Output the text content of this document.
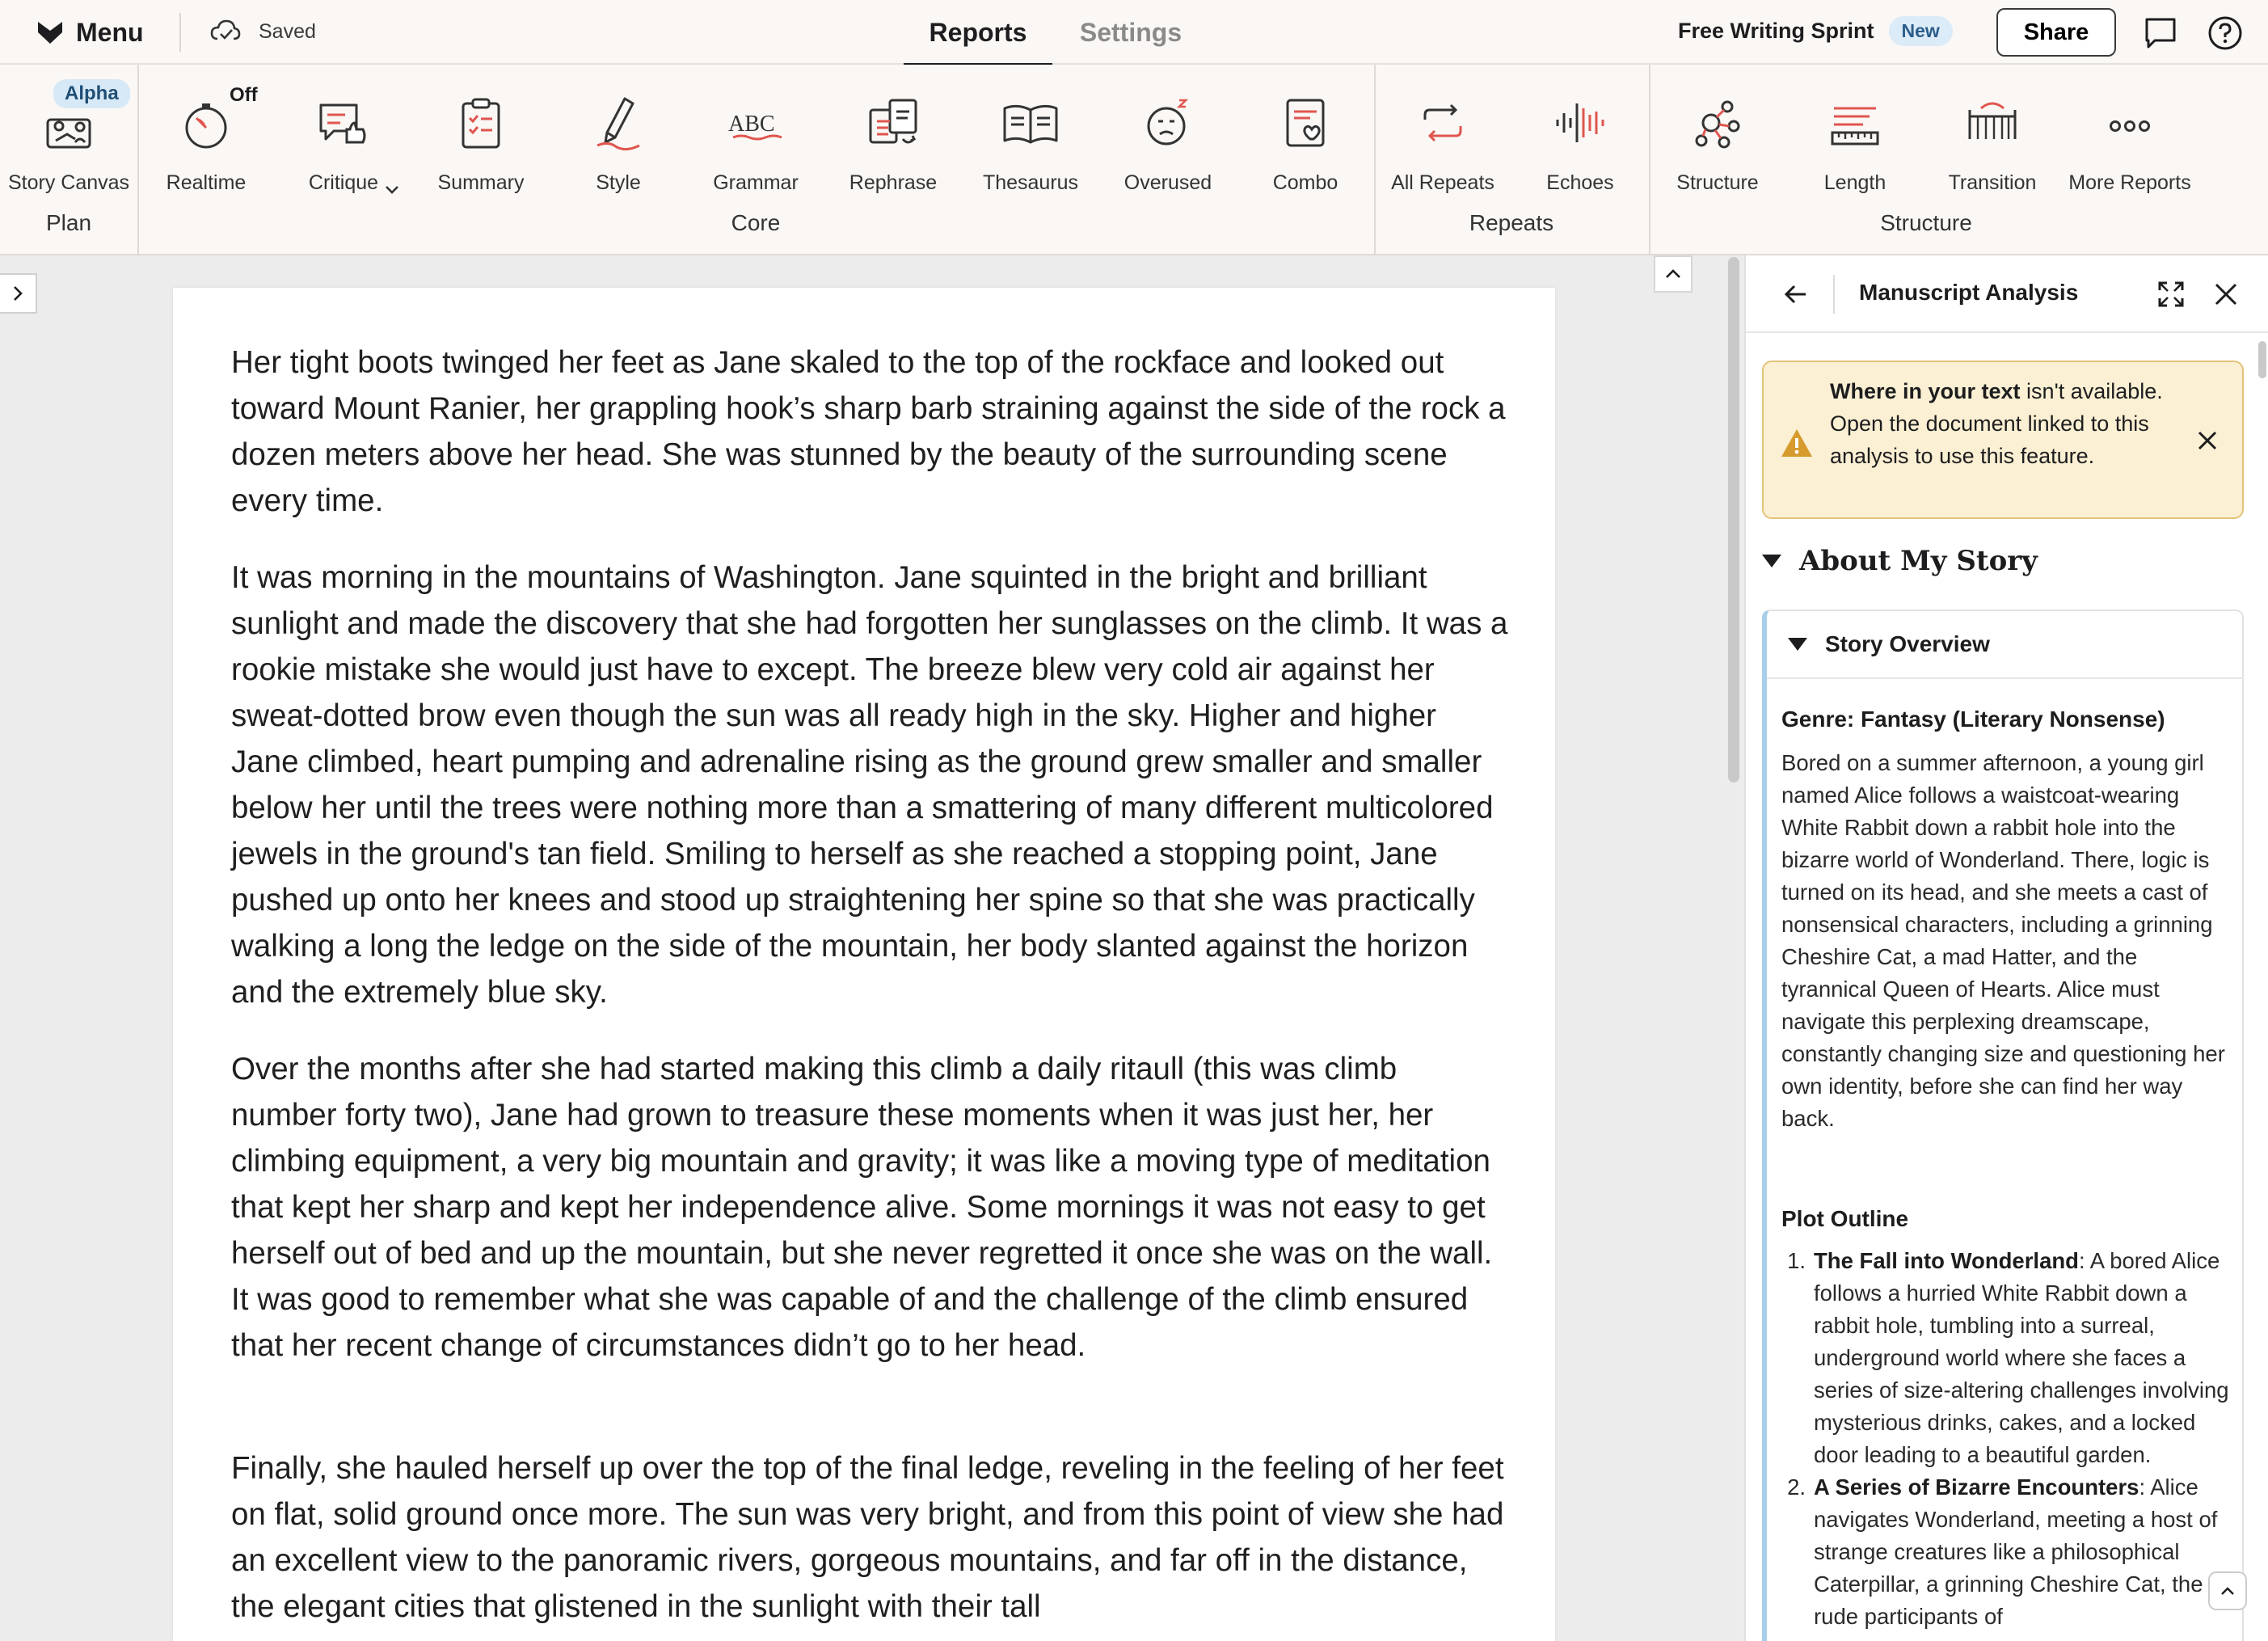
Menu	Saved	Reports	Settings	Free Writing Sprint	New	Share
Story Canvas
Alpha
Realtime
Off
Critique	Summary	Style
ABC
Grammar	Rephrase Thesaurus Overused	Combo	All Repeats	Echoes	Structure	Length	Transition More Reports
Plan	Core	Repeats	Structure

Her tight boots twinged her feet as Jane skaled to the top of the rockface and looked out toward Mount Ranier, her grappling hook’s sharp barb straining against the side of the rock a dozen meters above her head. She was stunned by the beauty of the surrounding scene every time.

It was morning in the mountains of Washington. Jane squinted in the bright and brilliant sunlight and made the discovery that she had forgotten her sunglasses on the climb. It was a rookie mistake she would just have to except. The breeze blew very cold air against her sweat-dotted brow even though the sun was all ready high in the sky. Higher and higher Jane climbed, heart pumping and adrenaline rising as the ground grew smaller and smaller below her until the trees were nothing more than a smattering of many different multicolored jewels in the ground's tan field. Smiling to herself as she reached a stopping point, Jane pushed up onto her knees and stood up straightening her spine so that she was practically walking a long the ledge on the side of the mountain, her body slanted against the horizon and the extremely blue sky.

Over the months after she had started making this climb a daily ritaull (this was climb number forty two), Jane had grown to treasure these moments when it was just her, her climbing equipment, a very big mountain and gravity; it was like a moving type of meditation that kept her sharp and kept her independence alive. Some mornings it was not easy to get herself out of bed and up the mountain, but she never regretted it once she was on the wall. It was good to remember what she was capable of and the challenge of the climb ensured that her recent change of circumstances didn’t go to her head.

Finally, she hauled herself up over the top of the final ledge, reveling in the feeling of her feet on flat, solid ground once more. The sun was very bright, and from this point of view she had an excellent view to the panoramic rivers, gorgeous mountains, and far off in the distance, the elegant cities that glistened in the sunlight with their tall

Manuscript Analysis
Where in your text isn't available. Open the document linked to this analysis to use this feature.
About My Story
Story Overview
Genre: Fantasy (Literary Nonsense)
Bored on a summer afternoon, a young girl named Alice follows a waistcoat-wearing White Rabbit down a rabbit hole into the bizarre world of Wonderland. There, logic is turned on its head, and she meets a cast of nonsensical characters, including a grinning Cheshire Cat, a mad Hatter, and the tyrannical Queen of Hearts. Alice must navigate this perplexing dreamscape, constantly changing size and questioning her own identity, before she can find her way back.
Plot Outline
1. The Fall into Wonderland: A bored Alice follows a hurried White Rabbit down a rabbit hole, tumbling into a surreal, underground world where she faces a series of size-altering challenges involving mysterious drinks, cakes, and a locked door leading to a beautiful garden.
2. A Series of Bizarre Encounters: Alice navigates Wonderland, meeting a host of strange creatures like a philosophical Caterpillar, a grinning Cheshire Cat, the rude participants of
